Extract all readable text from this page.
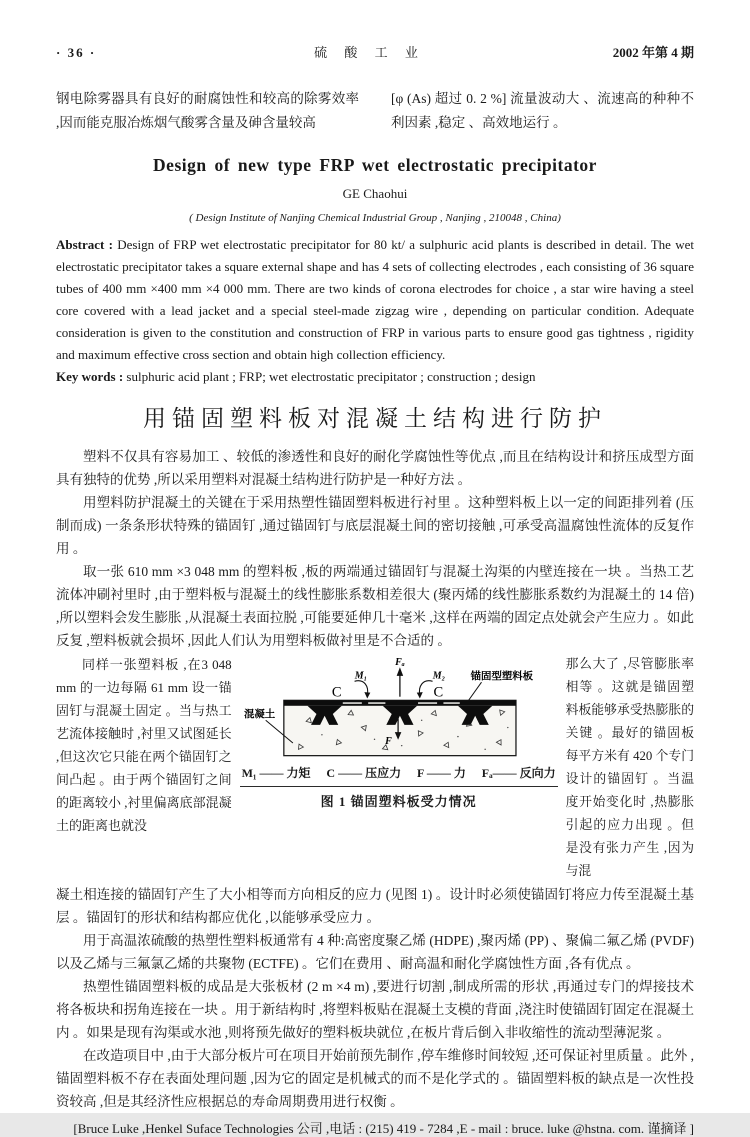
· 36 ·	硫 酸 工 业	2002 年第 4 期
钢电除雾器具有良好的耐腐蚀性和较高的除雾效率 ,因而能克服冶炼烟气酸雾含量及砷含量较高
[φ (As) 超过 0. 2 %] 流量波动大 、流速高的种种不利因素 ,稳定 、高效地运行 。
Design of new type FRP wet electrostatic precipitator
GE Chaohui
( Design Institute of Nanjing Chemical Industrial Group , Nanjing , 210048 , China)

Abstract : Design of FRP wet electrostatic precipitator for 80 kt/ a sulphuric acid plants is described in detail. The wet electrostatic precipitator takes a square external shape and has 4 sets of collecting electrodes , each consisting of 36 square tubes of 400 mm ×400 mm ×4 000 mm. There are two kinds of corona electrodes for choice , a star wire having a steel core covered with a lead jacket and a special steel-made zigzag wire , depending on particular condition. Adequate consideration is given to the constitution and construction of FRP in various parts to ensure good gas tightness , rigidity and maximum effective cross section and obtain high collection efficiency.

Key words : sulphuric acid plant ; FRP; wet electrostatic precipitator ; construction ; design

用锚固塑料板对混凝土结构进行防护

塑料不仅具有容易加工 、较低的渗透性和良好的耐化学腐蚀性等优点 ,而且在结构设计和挤压成型方面具有独特的优势 ,所以采用塑料对混凝土结构进行防护是一种好方法 。

用塑料防护混凝土的关键在于采用热塑性锚固塑料板进行衬里 。这种塑料板上以一定的间距排列着 (压制而成) 一条条形状特殊的锚固钉 ,通过锚固钉与底层混凝土间的密切接触 ,可承受高温腐蚀性流体的反复作用 。

取一张 610 mm ×3 048 mm 的塑料板 ,板的两端通过锚固钉与混凝土沟渠的内壁连接在一块 。当热工艺流体冲刷衬里时 ,由于塑料板与混凝土的线性膨胀系数相差很大 (聚丙烯的线性膨胀系数约为混凝土的 14 倍) ,所以塑料会发生膨胀 ,从混凝土表面拉脱 ,可能要延伸几十毫米 ,这样在两端的固定点处就会产生应力 。如此反复 ,塑料板就会损坏 ,因此人们认为用塑料板做衬里是不合适的 。

同样一张塑料板 ,在3 048 mm 的一边每隔 61 mm 设一锚固钉与混凝土固定 。当与热工艺流体接触时 ,衬里又试图延长 ,但这次它只能在两个锚固钉之间凸起 。由于两个锚固钉之间的距离较小 ,衬里偏离底部混凝土的距离也就没
Fₐ
F
M₁	M₂
C	C
锚固型塑料板
混凝土
M₁ —— 力矩 C —— 压应力 F —— 力 Fₐ—— 反向力
图 1 锚固塑料板受力情况
那么大了 ,尽管膨胀率相等 。这就是锚固塑料板能够承受热膨胀的关键 。最好的锚固板每平方米有 420 个专门设计的锚固钉 。当温度开始变化时 ,热膨胀引起的应力出现 。但是没有张力产生 ,因为与混

凝土相连接的锚固钉产生了大小相等而方向相反的应力 (见图 1) 。设计时必须使锚固钉将应力传至混凝土基层 。锚固钉的形状和结构都应优化 ,以能够承受应力 。

用于高温浓硫酸的热塑性塑料板通常有 4 种:高密度聚乙烯 (HDPE) ,聚丙烯 (PP) 、聚偏二氟乙烯 (PVDF) 以及乙烯与三氟氯乙烯的共聚物 (ECTFE) 。它们在费用 、耐高温和耐化学腐蚀性方面 ,各有优点 。

热塑性锚固塑料板的成品是大张板材 (2 m ×4 m) ,要进行切割 ,制成所需的形状 ,再通过专门的焊接技术将各板块和拐角连接在一块 。用于新结构时 ,将塑料板贴在混凝土支模的背面 ,浇注时使锚固钉固定在混凝土内 。如果是现有沟渠或水池 ,则将预先做好的塑料板块就位 ,在板片背后倒入非收缩性的流动型薄泥浆 。

在改造项目中 ,由于大部分板片可在项目开始前预先制作 ,停车维修时间较短 ,还可保证衬里质量 。此外 ,锚固塑料板不存在表面处理问题 ,因为它的固定是机械式的而不是化学式的 。锚固塑料板的缺点是一次性投资较高 ,但是其经济性应根据总的寿命周期费用进行权衡 。

[Bruce Luke ,Henkel Suface Technologies 公司 ,电话 : (215) 419 - 7284 ,E - mail : bruce. luke @hstna. com. 谨摘译 ]
